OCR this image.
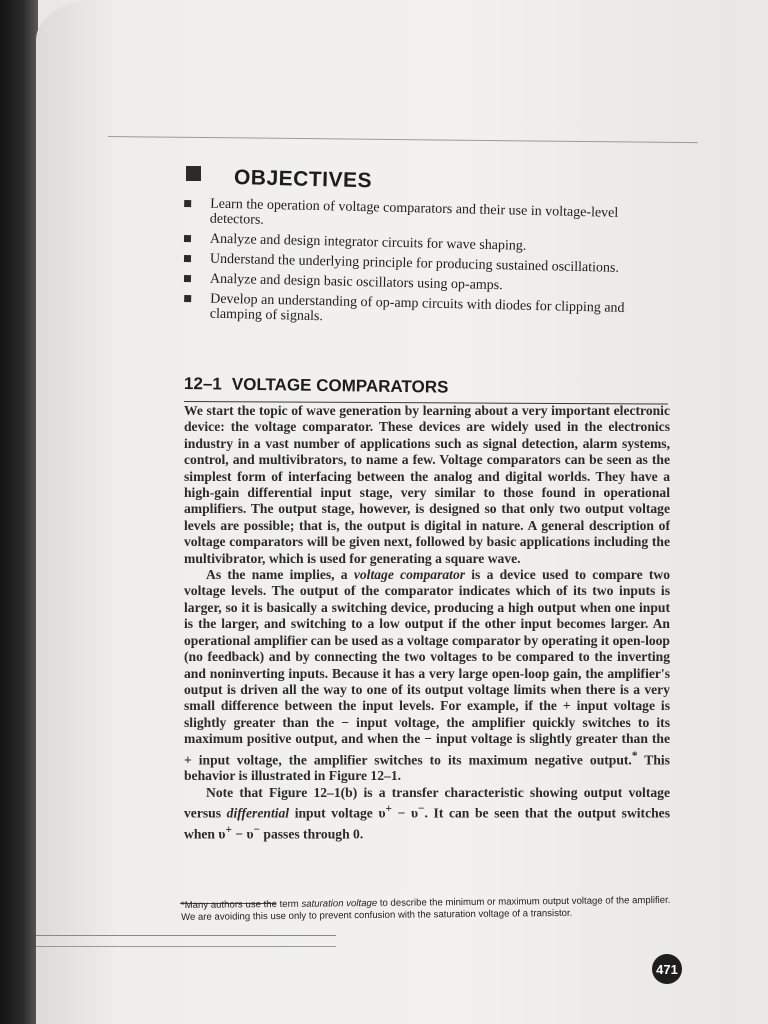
OBJECTIVES
Learn the operation of voltage comparators and their use in voltage-level detectors.
Analyze and design integrator circuits for wave shaping.
Understand the underlying principle for producing sustained oscillations.
Analyze and design basic oscillators using op-amps.
Develop an understanding of op-amp circuits with diodes for clipping and clamping of signals.
12–1 VOLTAGE COMPARATORS

We start the topic of wave generation by learning about a very important electronic device: the voltage comparator. These devices are widely used in the electronics industry in a vast number of applications such as signal detection, alarm systems, control, and multivibrators, to name a few. Voltage comparators can be seen as the simplest form of interfacing between the analog and digital worlds. They have a high-gain differential input stage, very similar to those found in operational amplifiers. The output stage, however, is designed so that only two output voltage levels are possible; that is, the output is digital in nature. A general description of voltage comparators will be given next, followed by basic applications including the multivibrator, which is used for generating a square wave.

As the name implies, a voltage comparator is a device used to compare two voltage levels. The output of the comparator indicates which of its two inputs is larger, so it is basically a switching device, producing a high output when one input is the larger, and switching to a low output if the other input becomes larger. An operational amplifier can be used as a voltage comparator by operating it open-loop (no feedback) and by connecting the two voltages to be compared to the inverting and noninverting inputs. Because it has a very large open-loop gain, the amplifier's output is driven all the way to one of its output voltage limits when there is a very small difference between the input levels. For example, if the + input voltage is slightly greater than the − input voltage, the amplifier quickly switches to its maximum positive output, and when the − input voltage is slightly greater than the + input voltage, the amplifier switches to its maximum negative output.* This behavior is illustrated in Figure 12–1.

Note that Figure 12–1(b) is a transfer characteristic showing output voltage versus differential input voltage υ+ − υ−. It can be seen that the output switches when υ+ − υ− passes through 0.

*Many authors use the term saturation voltage to describe the minimum or maximum output voltage of the amplifier. We are avoiding this use only to prevent confusion with the saturation voltage of a transistor.
471
